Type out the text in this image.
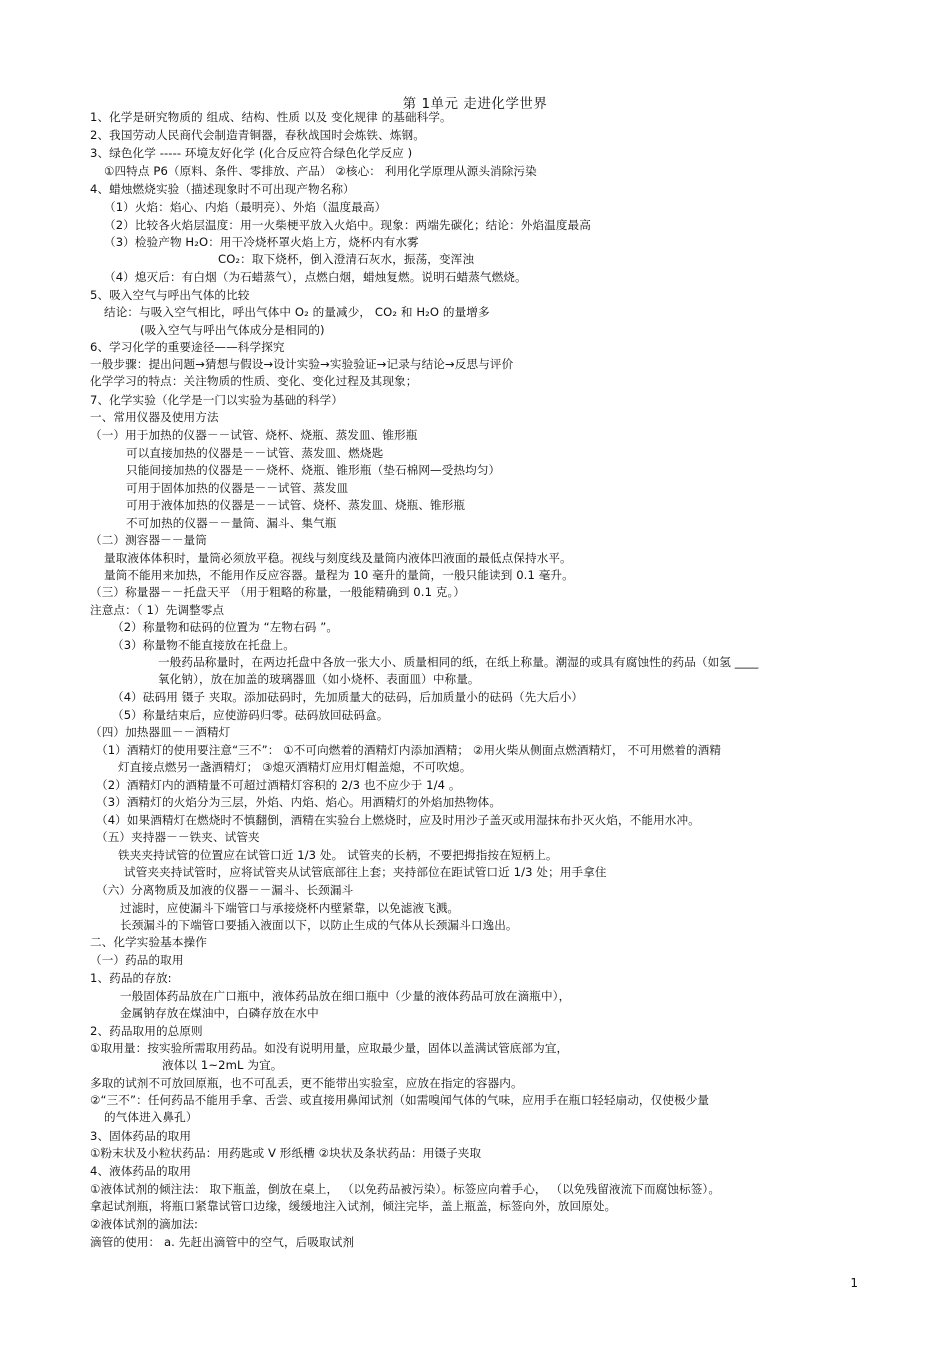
第 1单元 走进化学世界
1、化学是研究物质的 组成、结构、性质 以及 变化规律 的基础科学。
2、我国劳动人民商代会制造青铜器，春秋战国时会炼铁、炼钢。
3、绿色化学 ----- 环境友好化学 (化合反应符合绿色化学反应 )
①四特点 P6（原料、条件、零排放、产品） ②核心： 利用化学原理从源头消除污染
4、蜡烛燃烧实验（描述现象时不可出现产物名称）
（1）火焰：焰心、内焰（最明亮）、外焰（温度最高）
（2）比较各火焰层温度：用一火柴梗平放入火焰中。现象：两端先碳化；结论：外焰温度最高
（3）检验产物 H₂O：用干冷烧杯罩火焰上方，烧杯内有水雾
CO₂：取下烧杯，倒入澄清石灰水，振荡，变浑浊
（4）熄灭后：有白烟（为石蜡蒸气），点燃白烟，蜡烛复燃。说明石蜡蒸气燃烧。
5、吸入空气与呼出气体的比较
结论：与吸入空气相比，呼出气体中 O₂ 的量减少， CO₂ 和 H₂O 的量增多
(吸入空气与呼出气体成分是相同的)
6、学习化学的重要途径——科学探究
一般步骤：提出问题→猜想与假设→设计实验→实验验证→记录与结论→反思与评价
化学学习的特点：关注物质的性质、变化、变化过程及其现象；
7、化学实验（化学是一门以实验为基础的科学）
一、常用仪器及使用方法
（一）用于加热的仪器－－试管、烧杯、烧瓶、蒸发皿、锥形瓶
可以直接加热的仪器是－－试管、蒸发皿、燃烧匙
只能间接加热的仪器是－－烧杯、烧瓶、锥形瓶（垫石棉网—受热均匀）
可用于固体加热的仪器是－－试管、蒸发皿
可用于液体加热的仪器是－－试管、烧杯、蒸发皿、烧瓶、锥形瓶
不可加热的仪器－－量筒、漏斗、集气瓶
（二）测容器－－量筒
量取液体体积时，量筒必须放平稳。视线与刻度线及量筒内液体凹液面的最低点保持水平。
量筒不能用来加热，不能用作反应容器。量程为 10 毫升的量筒，一般只能读到 0.1 毫升。
（三）称量器－－托盘天平 （用于粗略的称量，一般能精确到 0.1 克。）
注意点：（ 1）先调整零点
（2）称量物和砝码的位置为 “左物右码 ”。
（3）称量物不能直接放在托盘上。
一般药品称量时，在两边托盘中各放一张大小、质量相同的纸，在纸上称量。潮湿的或具有腐蚀性的药品（如氢 ____
氧化钠），放在加盖的玻璃器皿（如小烧杯、表面皿）中称量。
（4）砝码用 镊子 夹取。添加砝码时，先加质量大的砝码，后加质量小的砝码（先大后小）
（5）称量结束后，应使游码归零。砝码放回砝码盒。
（四）加热器皿－－酒精灯
（1）酒精灯的使用要注意“三不”： ①不可向燃着的酒精灯内添加酒精； ②用火柴从侧面点燃酒精灯， 不可用燃着的酒精
灯直接点燃另一盏酒精灯； ③熄灭酒精灯应用灯帽盖熄，不可吹熄。
（2）酒精灯内的酒精量不可超过酒精灯容积的 2/3 也不应少于 1/4 。
（3）酒精灯的火焰分为三层，外焰、内焰、焰心。用酒精灯的外焰加热物体。
（4）如果酒精灯在燃烧时不慎翻倒，酒精在实验台上燃烧时，应及时用沙子盖灭或用湿抹布扑灭火焰，不能用水冲。
（五）夹持器－－铁夹、试管夹
铁夹夹持试管的位置应在试管口近 1/3 处。 试管夹的长柄，不要把拇指按在短柄上。
试管夹夹持试管时，应将试管夹从试管底部往上套；夹持部位在距试管口近 1/3 处；用手拿住
（六）分离物质及加液的仪器－－漏斗、长颈漏斗
过滤时，应使漏斗下端管口与承接烧杯内壁紧靠，以免滤液飞溅。
长颈漏斗的下端管口要插入液面以下，以防止生成的气体从长颈漏斗口逸出。
二、化学实验基本操作
（一）药品的取用
1、药品的存放:
一般固体药品放在广口瓶中，液体药品放在细口瓶中（少量的液体药品可放在滴瓶中），
金属钠存放在煤油中，白磷存放在水中
2、药品取用的总原则
①取用量：按实验所需取用药品。如没有说明用量，应取最少量，固体以盖满试管底部为宜，
液体以 1~2mL 为宜。
多取的试剂不可放回原瓶，也不可乱丢，更不能带出实验室，应放在指定的容器内。
②“三不”：任何药品不能用手拿、舌尝、或直接用鼻闻试剂（如需嗅闻气体的气味，应用手在瓶口轻轻扇动，仅使极少量
的气体进入鼻孔）
3、固体药品的取用
①粉末状及小粒状药品：用药匙或 V 形纸槽 ②块状及条状药品：用镊子夹取
4、液体药品的取用
①液体试剂的倾注法： 取下瓶盖，倒放在桌上， （以免药品被污染）。标签应向着手心， （以免残留液流下而腐蚀标签）。
拿起试剂瓶，将瓶口紧靠试管口边缘，缓缓地注入试剂，倾注完毕，盖上瓶盖，标签向外，放回原处。
②液体试剂的滴加法:
滴管的使用： a. 先赶出滴管中的空气，后吸取试剂
1
